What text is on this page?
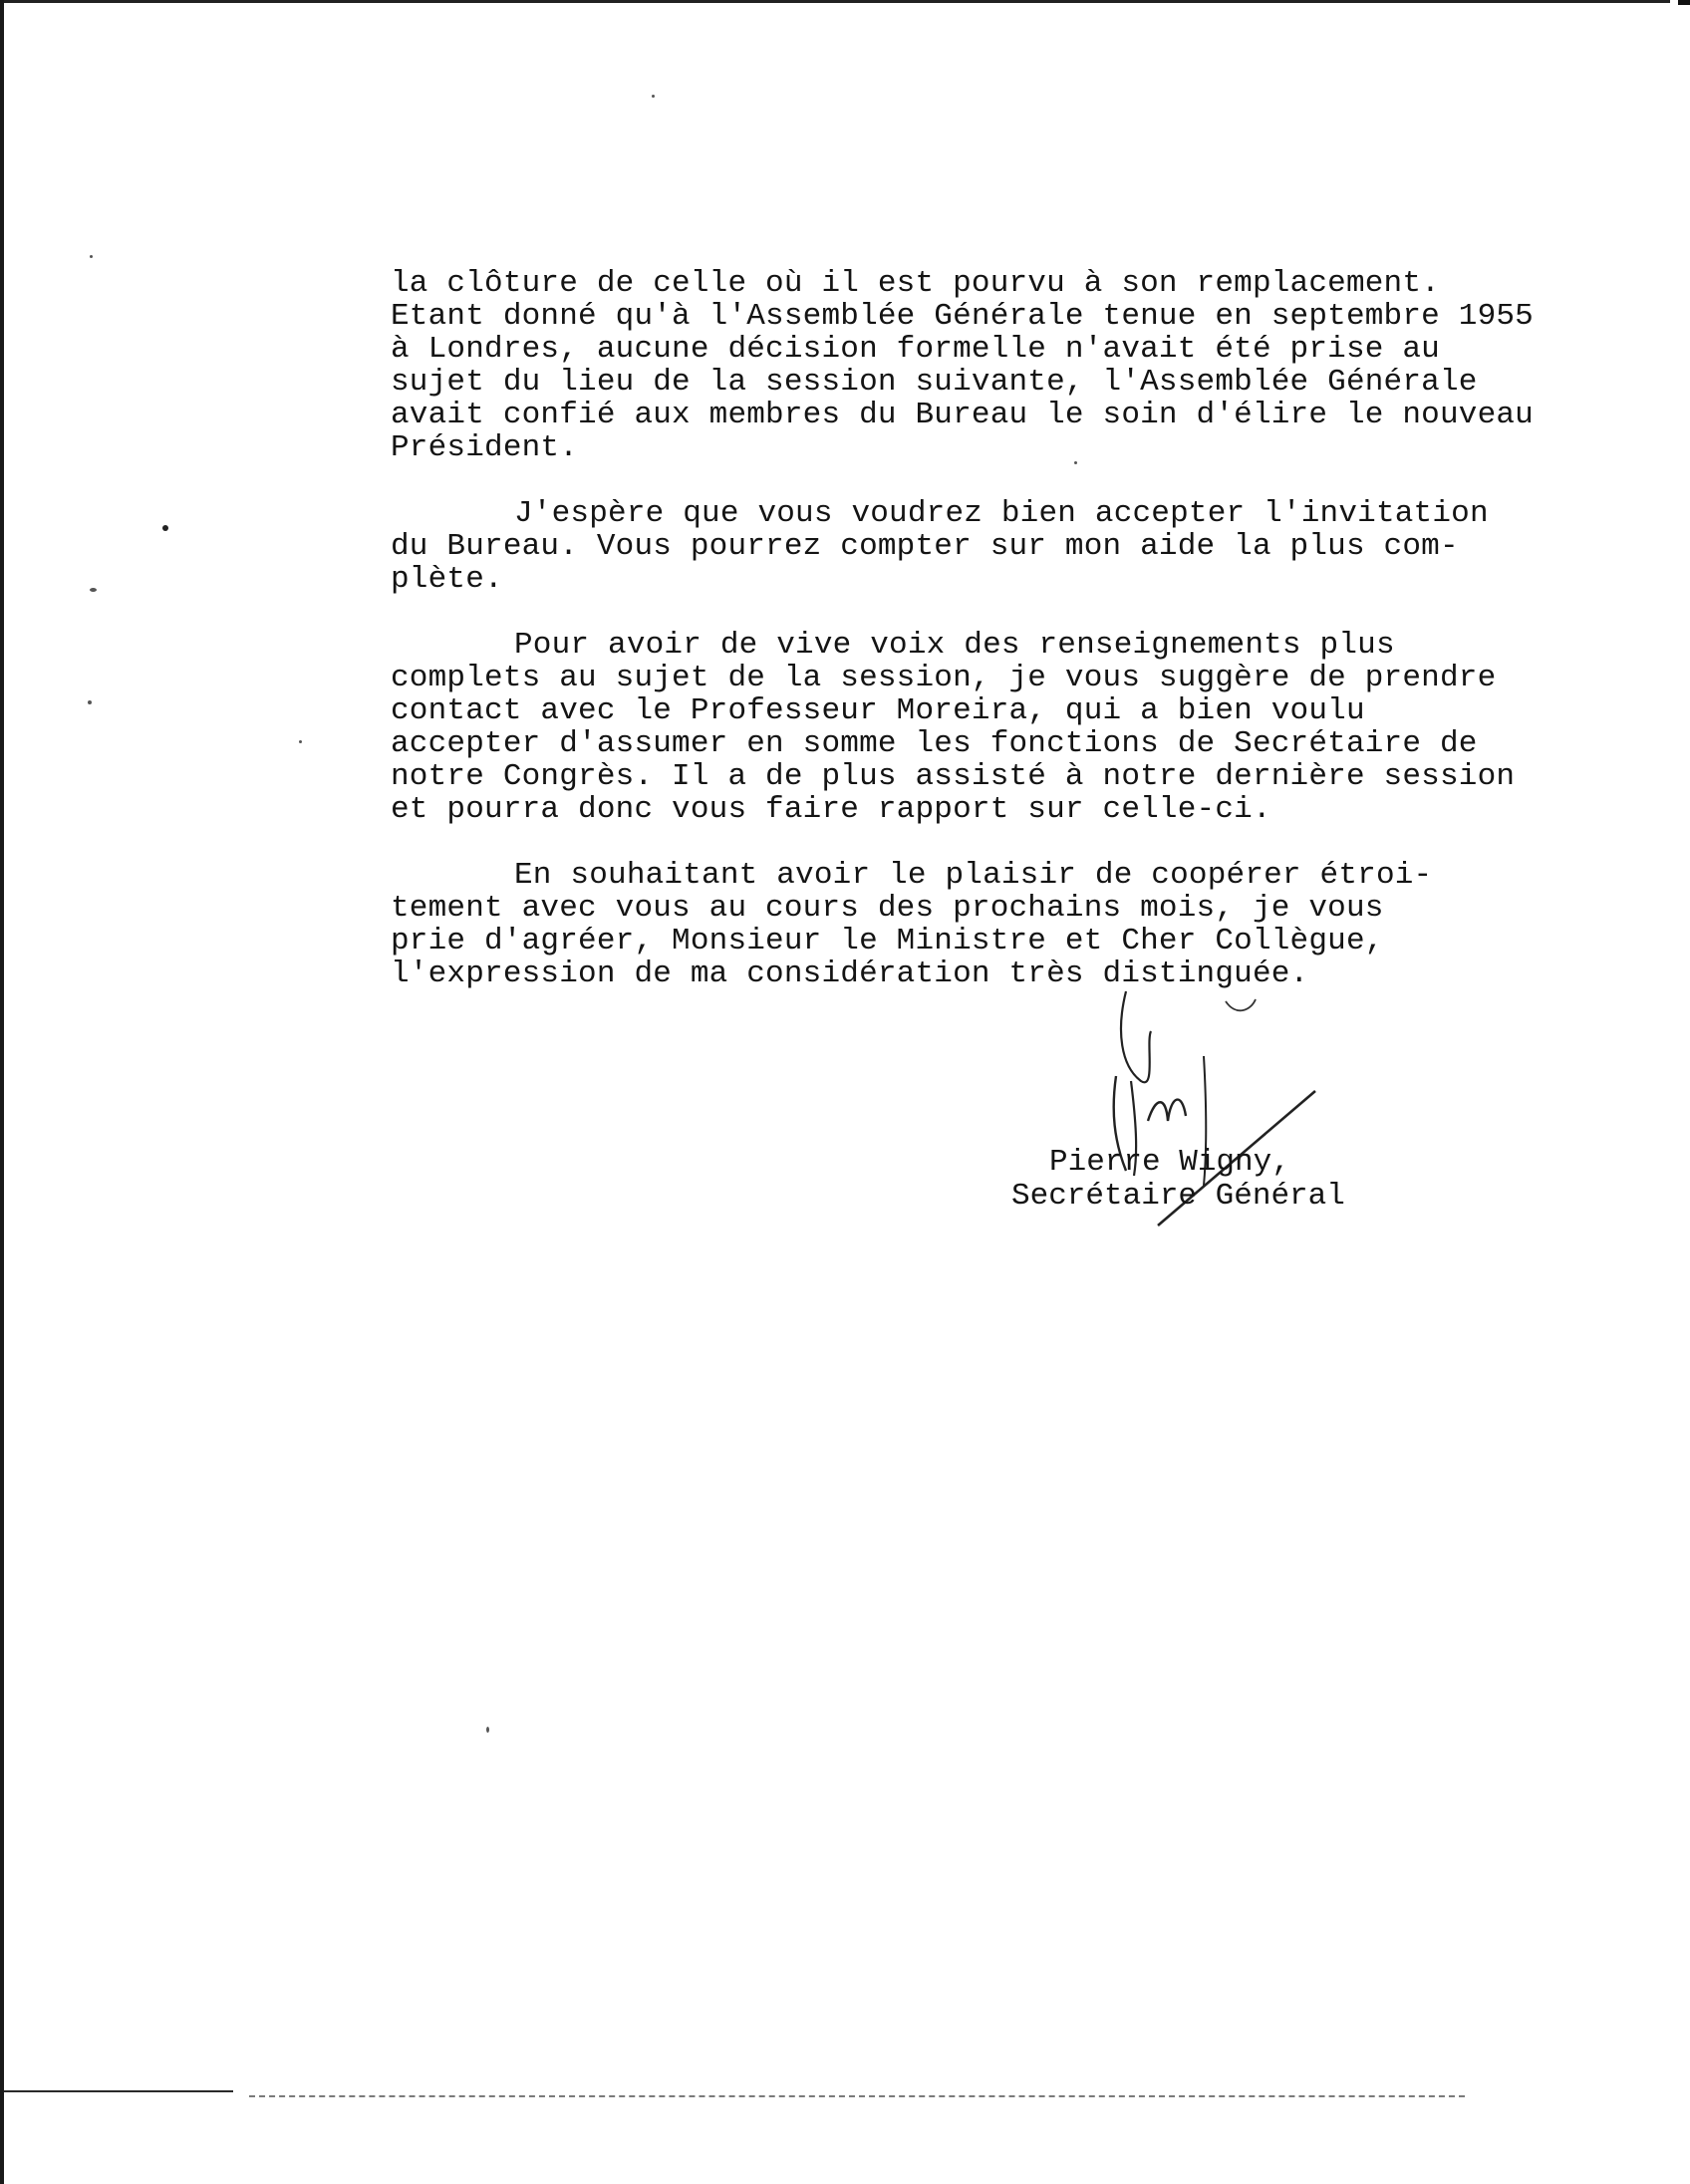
la clôture de celle où il est pourvu à son remplacement.
Etant donné qu'à l'Assemblée Générale tenue en septembre 1955
à Londres, aucune décision formelle n'avait été prise au
sujet du lieu de la session suivante, l'Assemblée Générale
avait confié aux membres du Bureau le soin d'élire le nouveau
Président.

J'espère que vous voudrez bien accepter l'invitation
du Bureau. Vous pourrez compter sur mon aide la plus com-
plète.

Pour avoir de vive voix des renseignements plus
complets au sujet de la session, je vous suggère de prendre
contact avec le Professeur Moreira, qui a bien voulu
accepter d'assumer en somme les fonctions de Secrétaire de
notre Congrès. Il a de plus assisté à notre dernière session
et pourra donc vous faire rapport sur celle-ci.

En souhaitant avoir le plaisir de coopérer étroi-
tement avec vous au cours des prochains mois, je vous
prie d'agréer, Monsieur le Ministre et Cher Collègue,
l'expression de ma considération très distinguée.

Pierre Wigny,
Secrétaire Général
